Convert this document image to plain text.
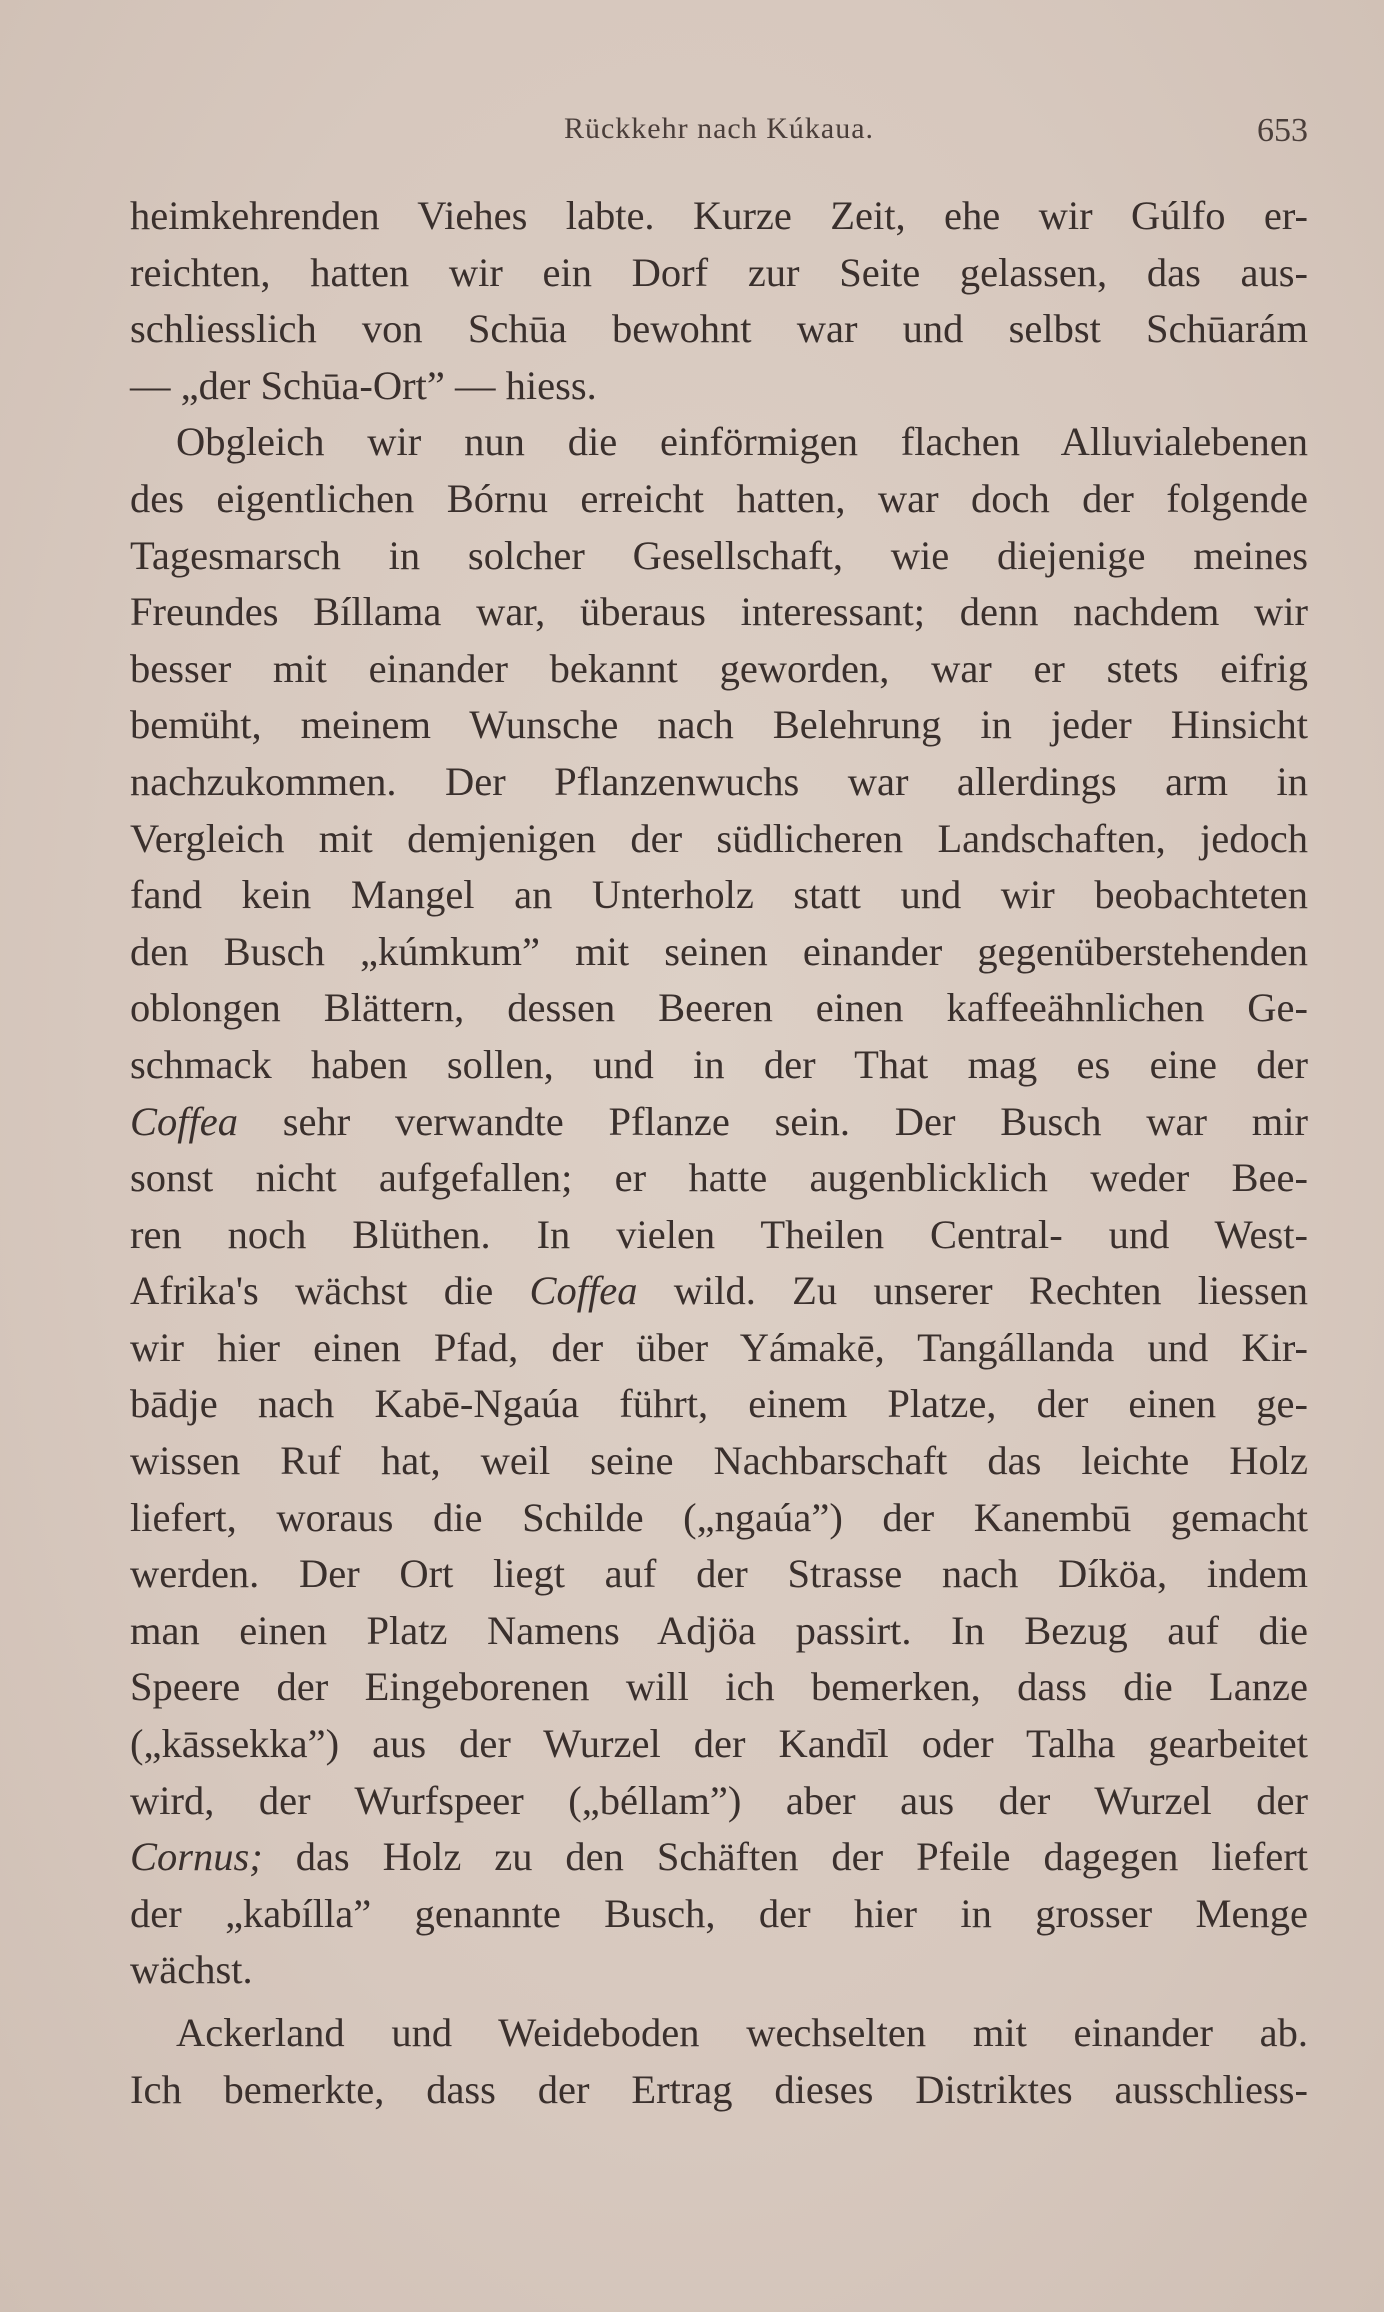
Rückkehr nach Kúkaua.	653
heimkehrenden Viehes labte. Kurze Zeit, ehe wir Gúlfo er-
reichten, hatten wir ein Dorf zur Seite gelassen, das aus-
schliesslich von Schūa bewohnt war und selbst Schūarám
— „der Schūa-Ort” — hiess.
Obgleich wir nun die einförmigen flachen Alluvialebenen
des eigentlichen Bórnu erreicht hatten, war doch der folgende
Tagesmarsch in solcher Gesellschaft, wie diejenige meines
Freundes Bíllama war, überaus interessant; denn nachdem wir
besser mit einander bekannt geworden, war er stets eifrig
bemüht, meinem Wunsche nach Belehrung in jeder Hinsicht
nachzukommen. Der Pflanzenwuchs war allerdings arm in
Vergleich mit demjenigen der südlicheren Landschaften, jedoch
fand kein Mangel an Unterholz statt und wir beobachteten
den Busch „kúmkum” mit seinen einander gegenüberstehenden
oblongen Blättern, dessen Beeren einen kaffeeähnlichen Ge-
schmack haben sollen, und in der That mag es eine der
Coffea sehr verwandte Pflanze sein. Der Busch war mir
sonst nicht aufgefallen; er hatte augenblicklich weder Bee-
ren noch Blüthen. In vielen Theilen Central- und West-
Afrika's wächst die Coffea wild. Zu unserer Rechten liessen
wir hier einen Pfad, der über Yámakē, Tangállanda und Kir-
bādje nach Kabē-Ngaúa führt, einem Platze, der einen ge-
wissen Ruf hat, weil seine Nachbarschaft das leichte Holz
liefert, woraus die Schilde („ngaúa”) der Kanembū gemacht
werden. Der Ort liegt auf der Strasse nach Díköa, indem
man einen Platz Namens Adjöa passirt. In Bezug auf die
Speere der Eingeborenen will ich bemerken, dass die Lanze
(„kāssekka”) aus der Wurzel der Kandīl oder Talha gearbeitet
wird, der Wurfspeer („béllam”) aber aus der Wurzel der
Cornus; das Holz zu den Schäften der Pfeile dagegen liefert
der „kabílla” genannte Busch, der hier in grosser Menge
wächst.
Ackerland und Weideboden wechselten mit einander ab.
Ich bemerkte, dass der Ertrag dieses Distriktes ausschliess-
